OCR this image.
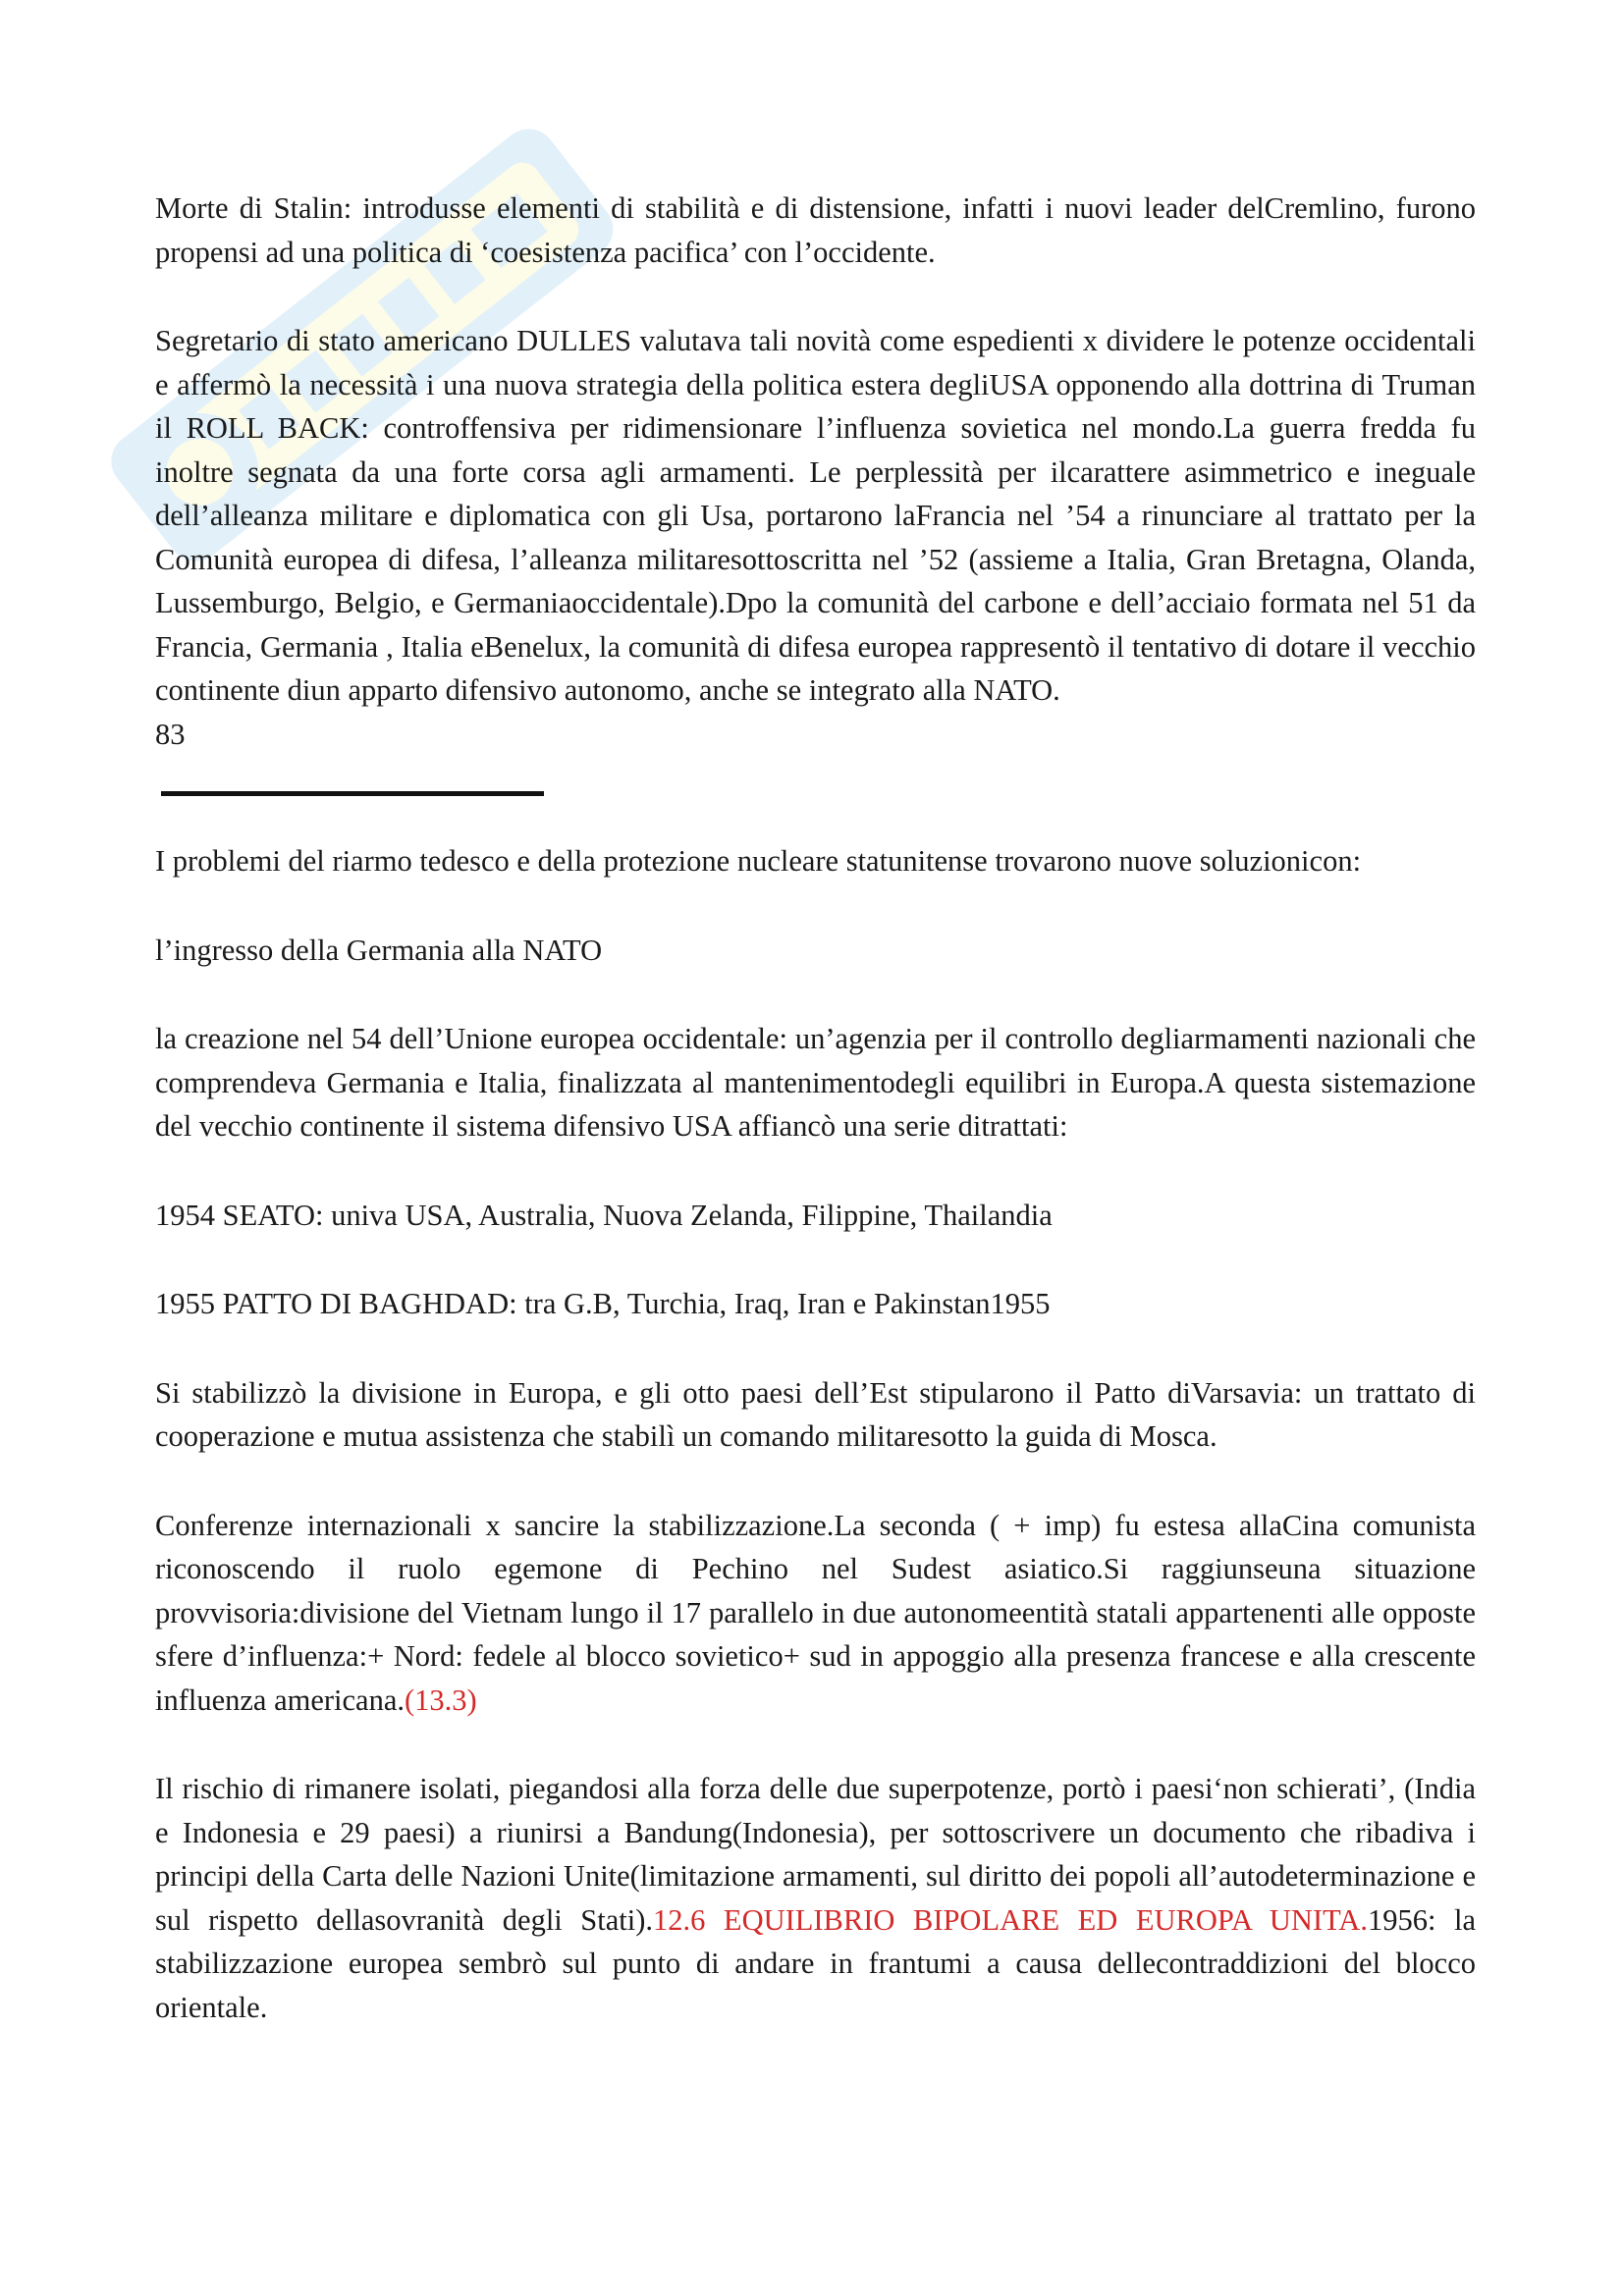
Morte di Stalin: introdusse elementi di stabilità e di distensione, infatti i nuovi leader delCremlino, furono propensi ad una politica di ‘coesistenza pacifica’ con l’occidente.

Segretario di stato americano DULLES valutava tali novità come espedienti x dividere le potenze occidentali e affermò la necessità i una nuova strategia della politica estera degliUSA opponendo alla dottrina di Truman il ROLL BACK: controffensiva per ridimensionare l’influenza sovietica nel mondo.La guerra fredda fu inoltre segnata da una forte corsa agli armamenti. Le perplessità per ilcarattere asimmetrico e ineguale dell’alleanza militare e diplomatica con gli Usa, portarono laFrancia nel ’54 a rinunciare al trattato per la Comunità europea di difesa, l’alleanza militaresottoscritta nel ’52 (assieme a Italia, Gran Bretagna, Olanda, Lussemburgo, Belgio, e Germaniaoccidentale).Dpo la comunità del carbone e dell’acciaio formata nel 51 da Francia, Germania , Italia eBenelux, la comunità di difesa europea rappresentò il tentativo di dotare il vecchio continente diun apparto difensivo autonomo, anche se integrato alla NATO.

83

I problemi del riarmo tedesco e della protezione nucleare statunitense trovarono nuove soluzionicon:

l’ingresso della Germania alla NATO

la creazione nel 54 dell’Unione europea occidentale: un’agenzia per il controllo degliarmamenti nazionali che comprendeva Germania e Italia, finalizzata al mantenimentodegli equilibri in Europa.A questa sistemazione del vecchio continente il sistema difensivo USA affiancò una serie ditrattati:

1954 SEATO: univa USA, Australia, Nuova Zelanda, Filippine, Thailandia

1955 PATTO DI BAGHDAD: tra G.B, Turchia, Iraq, Iran e Pakinstan1955

Si stabilizzò la divisione in Europa, e gli otto paesi dell’Est stipularono il Patto diVarsavia: un trattato di cooperazione e mutua assistenza che stabilì un comando militaresotto la guida di Mosca.

Conferenze internazionali x sancire la stabilizzazione.La seconda ( + imp) fu estesa allaCina comunista riconoscendo il ruolo egemone di Pechino nel Sudest asiatico.Si raggiunseuna situazione provvisoria:divisione del Vietnam lungo il 17 parallelo in due autonomeentità statali appartenenti alle opposte sfere d’influenza:+ Nord: fedele al blocco sovietico+ sud in appoggio alla presenza francese e alla crescente influenza americana.(13.3)

Il rischio di rimanere isolati, piegandosi alla forza delle due superpotenze, portò i paesi‘non schierati’, (India e Indonesia e 29 paesi) a riunirsi a Bandung(Indonesia), per sottoscrivere un documento che ribadiva i principi della Carta delle Nazioni Unite(limitazione armamenti, sul diritto dei popoli all’autodeterminazione e sul rispetto dellasovranità degli Stati).12.6 EQUILIBRIO BIPOLARE ED EUROPA UNITA.1956: la stabilizzazione europea sembrò sul punto di andare in frantumi a causa dellecontraddizioni del blocco orientale.
